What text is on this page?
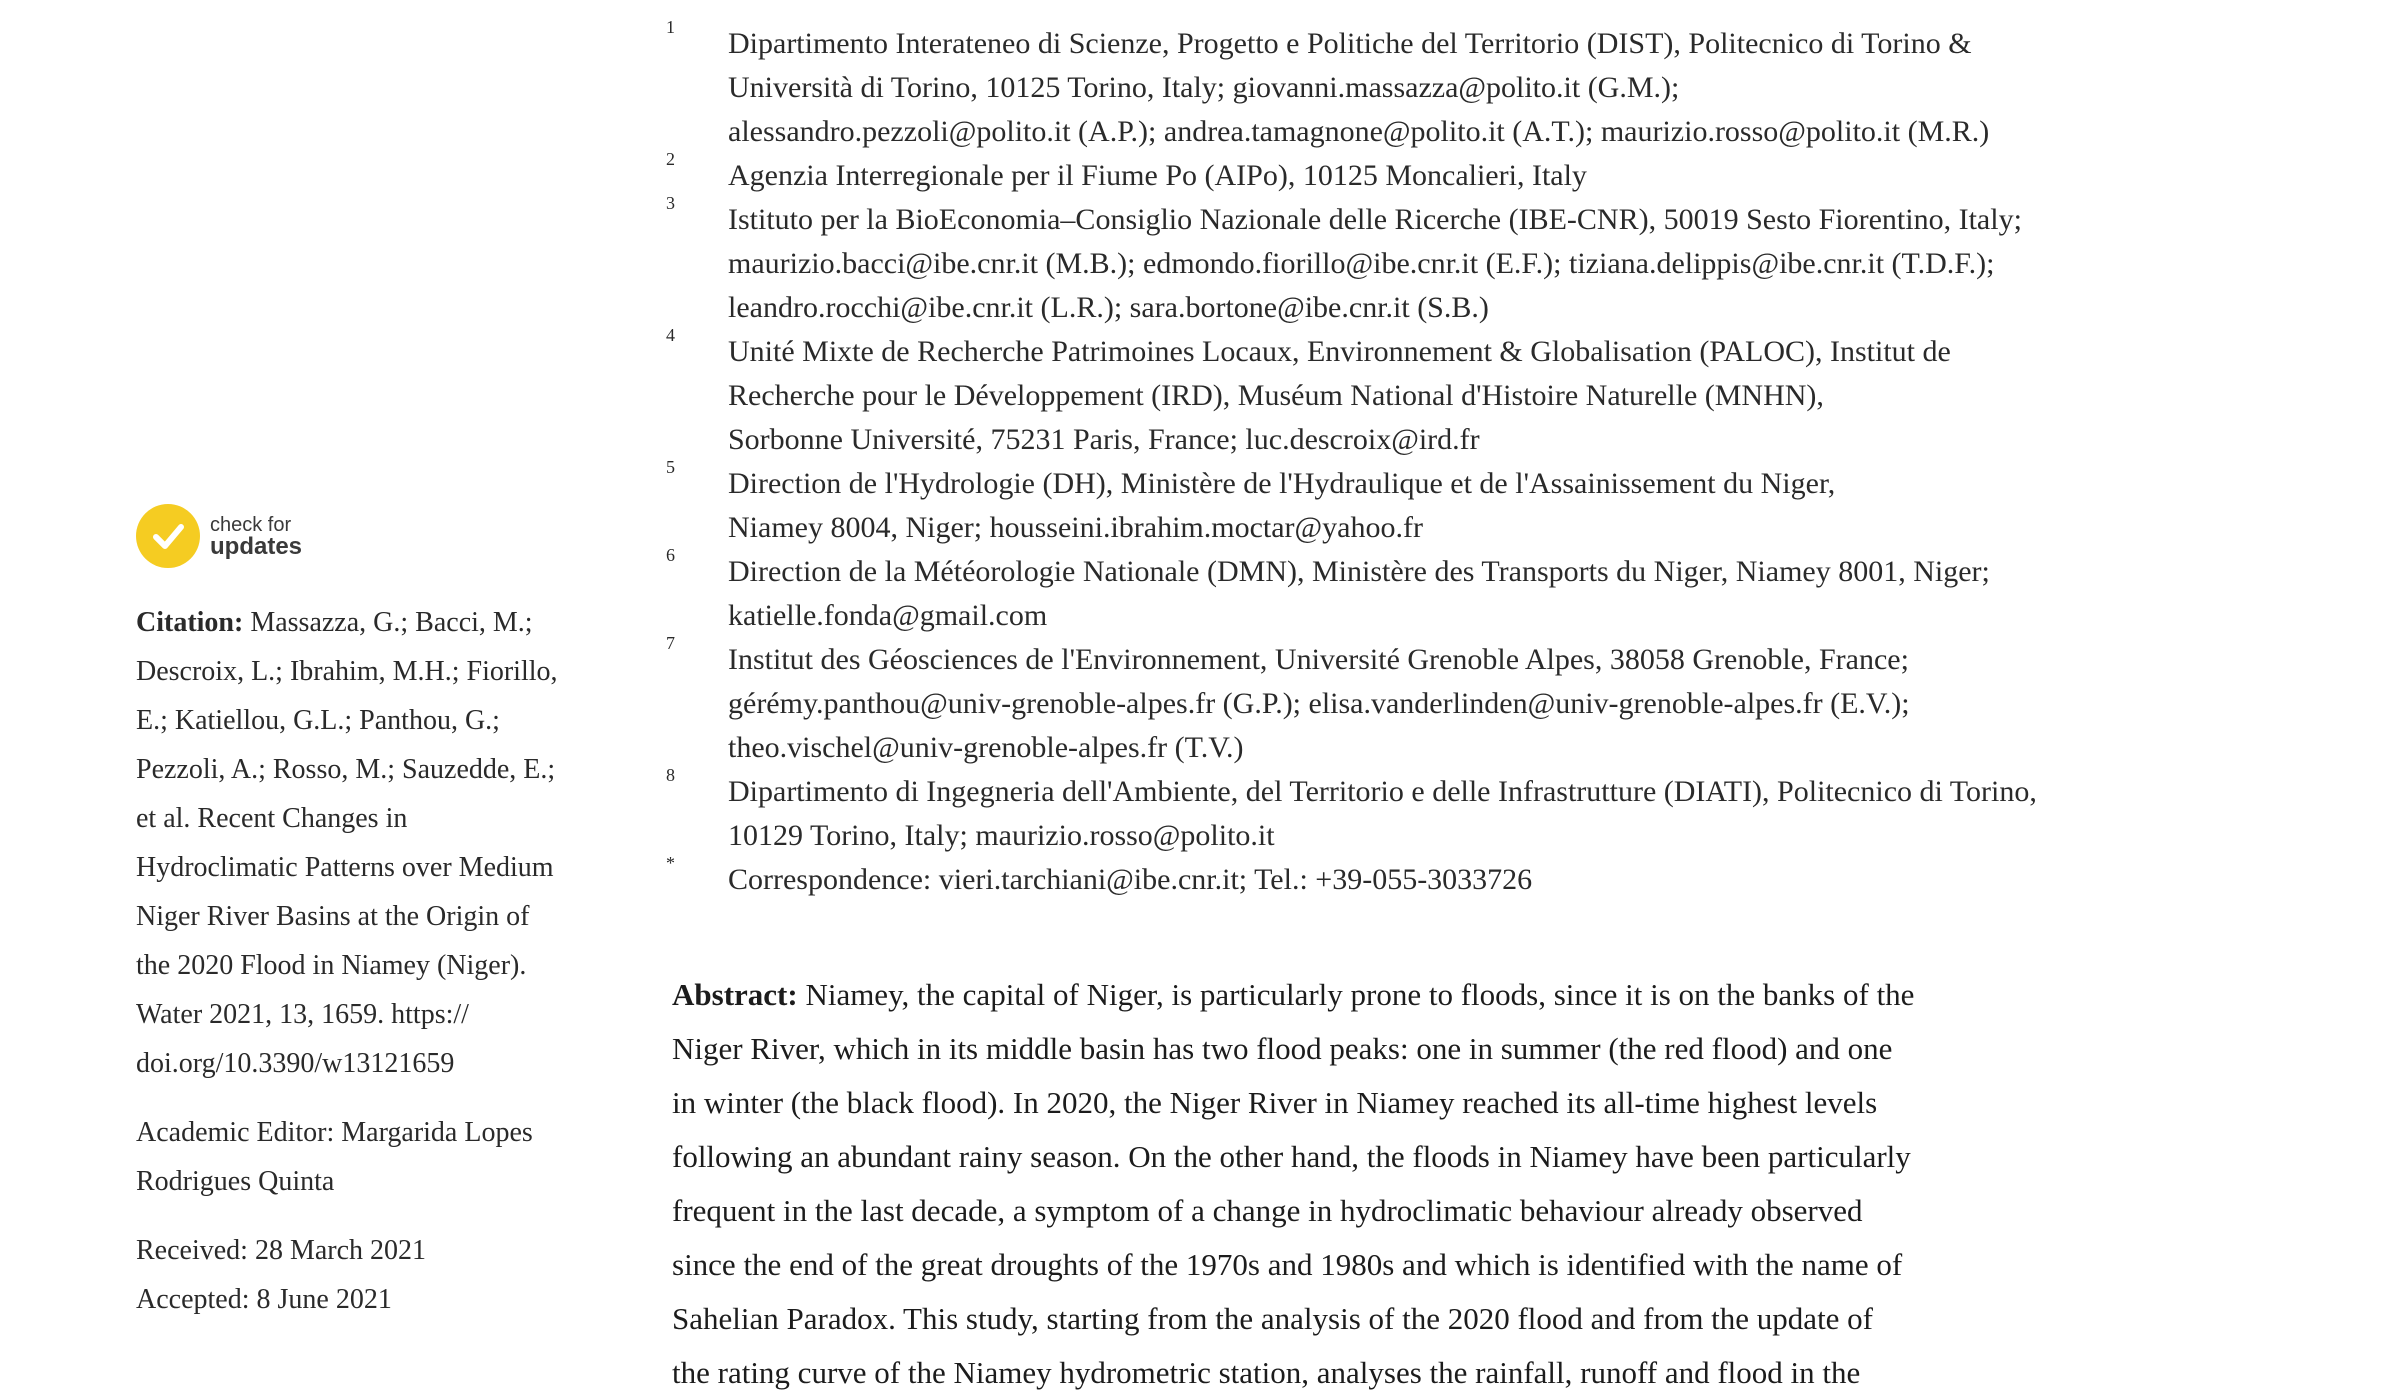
1 Dipartimento Interateneo di Scienze, Progetto e Politiche del Territorio (DIST), Politecnico di Torino &
Università di Torino, 10125 Torino, Italy; giovanni.massazza@polito.it (G.M.);
alessandro.pezzoli@polito.it (A.P.); andrea.tamagnone@polito.it (A.T.); maurizio.rosso@polito.it (M.R.)
2 Agenzia Interregionale per il Fiume Po (AIPo), 10125 Moncalieri, Italy
3 Istituto per la BioEconomia–Consiglio Nazionale delle Ricerche (IBE-CNR), 50019 Sesto Fiorentino, Italy;
maurizio.bacci@ibe.cnr.it (M.B.); edmondo.fiorillo@ibe.cnr.it (E.F.); tiziana.delippis@ibe.cnr.it (T.D.F.);
leandro.rocchi@ibe.cnr.it (L.R.); sara.bortone@ibe.cnr.it (S.B.)
4 Unité Mixte de Recherche Patrimoines Locaux, Environnement & Globalisation (PALOC), Institut de
Recherche pour le Développement (IRD), Muséum National d'Histoire Naturelle (MNHN),
Sorbonne Université, 75231 Paris, France; luc.descroix@ird.fr
5 Direction de l'Hydrologie (DH), Ministère de l'Hydraulique et de l'Assainissement du Niger,
Niamey 8004, Niger; housseini.ibrahim.moctar@yahoo.fr
6 Direction de la Météorologie Nationale (DMN), Ministère des Transports du Niger, Niamey 8001, Niger;
katielle.fonda@gmail.com
7 Institut des Géosciences de l'Environnement, Université Grenoble Alpes, 38058 Grenoble, France;
gérémy.panthou@univ-grenoble-alpes.fr (G.P.); elisa.vanderlinden@univ-grenoble-alpes.fr (E.V.);
theo.vischel@univ-grenoble-alpes.fr (T.V.)
8 Dipartimento di Ingegneria dell'Ambiente, del Territorio e delle Infrastrutture (DIATI), Politecnico di Torino,
10129 Torino, Italy; maurizio.rosso@polito.it
* Correspondence: vieri.tarchiani@ibe.cnr.it; Tel.: +39-055-3033726
Abstract: Niamey, the capital of Niger, is particularly prone to floods, since it is on the banks of the
Niger River, which in its middle basin has two flood peaks: one in summer (the red flood) and one
in winter (the black flood). In 2020, the Niger River in Niamey reached its all-time highest levels
following an abundant rainy season. On the other hand, the floods in Niamey have been particularly
frequent in the last decade, a symptom of a change in hydroclimatic behaviour already observed
since the end of the great droughts of the 1970s and 1980s and which is identified with the name of
Sahelian Paradox. This study, starting from the analysis of the 2020 flood and from the update of
the rating curve of the Niamey hydrometric station, analyses the rainfall, runoff and flood in the
check for
updates
Citation: Massazza, G.; Bacci, M.;
Descroix, L.; Ibrahim, M.H.; Fiorillo,
E.; Katiellou, G.L.; Panthou, G.;
Pezzoli, A.; Rosso, M.; Sauzedde, E.;
et al. Recent Changes in
Hydroclimatic Patterns over Medium
Niger River Basins at the Origin of
the 2020 Flood in Niamey (Niger).
Water 2021, 13, 1659. https://
doi.org/10.3390/w13121659
Academic Editor: Margarida Lopes
Rodrigues Quinta
Received: 28 March 2021
Accepted: 8 June 2021
